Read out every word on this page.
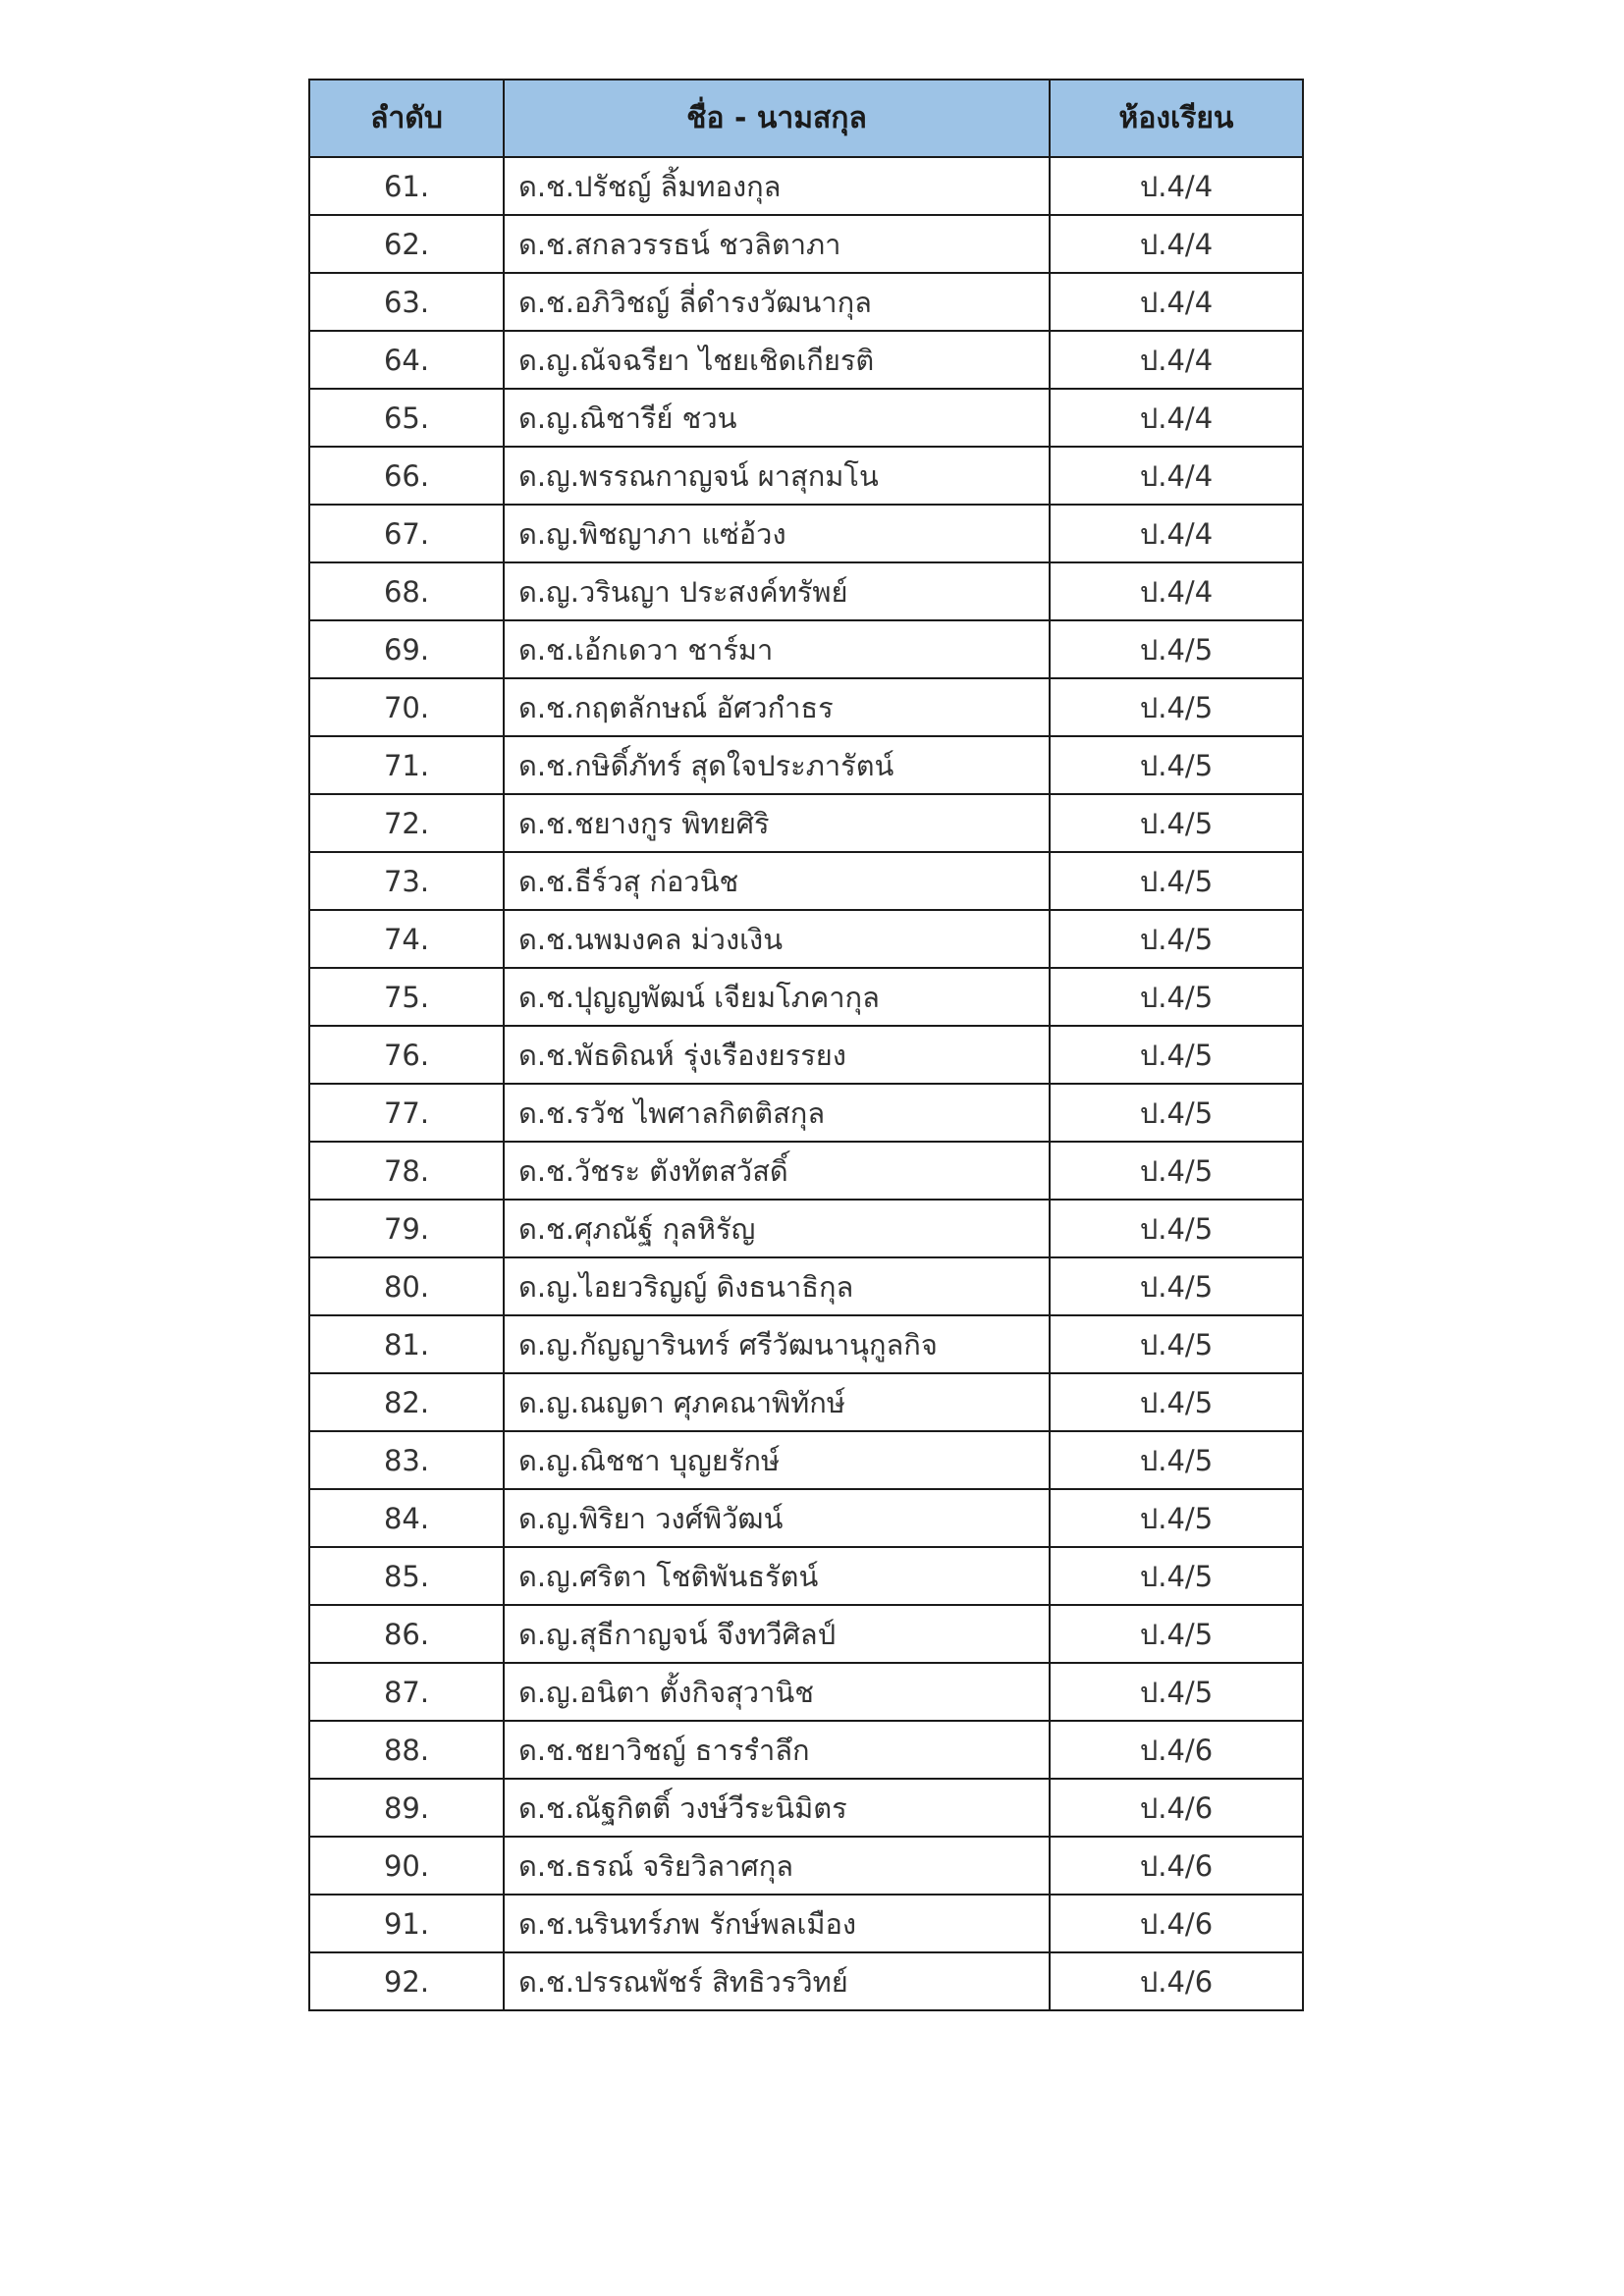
ลำดับ	ชื่อ - นามสกุล	ห้องเรียน
61.	ด.ช.ปรัชญ์ ลิ้มทองกุล	ป.4/4
62.	ด.ช.สกลวรรธน์ ชวลิตาภา	ป.4/4
63.	ด.ช.อภิวิชญ์ ลี่ดำรงวัฒนากุล	ป.4/4
64.	ด.ญ.ณัจฉรียา ไชยเชิดเกียรติ	ป.4/4
65.	ด.ญ.ณิชารีย์ ชวน	ป.4/4
66.	ด.ญ.พรรณกาญจน์ ผาสุกมโน	ป.4/4
67.	ด.ญ.พิชญาภา แซ่อ้วง	ป.4/4
68.	ด.ญ.วรินญา ประสงค์ทรัพย์	ป.4/4
69.	ด.ช.เอ้กเดวา ชาร์มา	ป.4/5
70.	ด.ช.กฤตลักษณ์ อัศวกำธร	ป.4/5
71.	ด.ช.กษิดิ์ภัทร์ สุดใจประภารัตน์	ป.4/5
72.	ด.ช.ชยางกูร พิทยศิริ	ป.4/5
73.	ด.ช.ธีร์วสุ ก่อวนิช	ป.4/5
74.	ด.ช.นพมงคล ม่วงเงิน	ป.4/5
75.	ด.ช.ปุญญพัฒน์ เจียมโภคากุล	ป.4/5
76.	ด.ช.พัธดิณห์ รุ่งเรืองยรรยง	ป.4/5
77.	ด.ช.รวัช ไพศาลกิตติสกุล	ป.4/5
78.	ด.ช.วัชระ ตังทัตสวัสดิ์	ป.4/5
79.	ด.ช.ศุภณัฐ์ กุลหิรัญ	ป.4/5
80.	ด.ญ.ไอยวริญญ์ ดิงธนาธิกุล	ป.4/5
81.	ด.ญ.กัญญารินทร์ ศรีวัฒนานุกูลกิจ	ป.4/5
82.	ด.ญ.ณญดา ศุภคณาพิทักษ์	ป.4/5
83.	ด.ญ.ณิชชา บุญยรักษ์	ป.4/5
84.	ด.ญ.พิริยา วงศ์พิวัฒน์	ป.4/5
85.	ด.ญ.ศริตา โชติพันธรัตน์	ป.4/5
86.	ด.ญ.สุธีกาญจน์ จึงทวีศิลป์	ป.4/5
87.	ด.ญ.อนิตา ตั้งกิจสุวานิช	ป.4/5
88.	ด.ช.ชยาวิชญ์ ธารรำลึก	ป.4/6
89.	ด.ช.ณัฐกิตติ์ วงษ์วีระนิมิตร	ป.4/6
90.	ด.ช.ธรณ์ จริยวิลาศกุล	ป.4/6
91.	ด.ช.นรินทร์ภพ รักษ์พลเมือง	ป.4/6
92.	ด.ช.ปรรณพัชร์ สิทธิวรวิทย์	ป.4/6
